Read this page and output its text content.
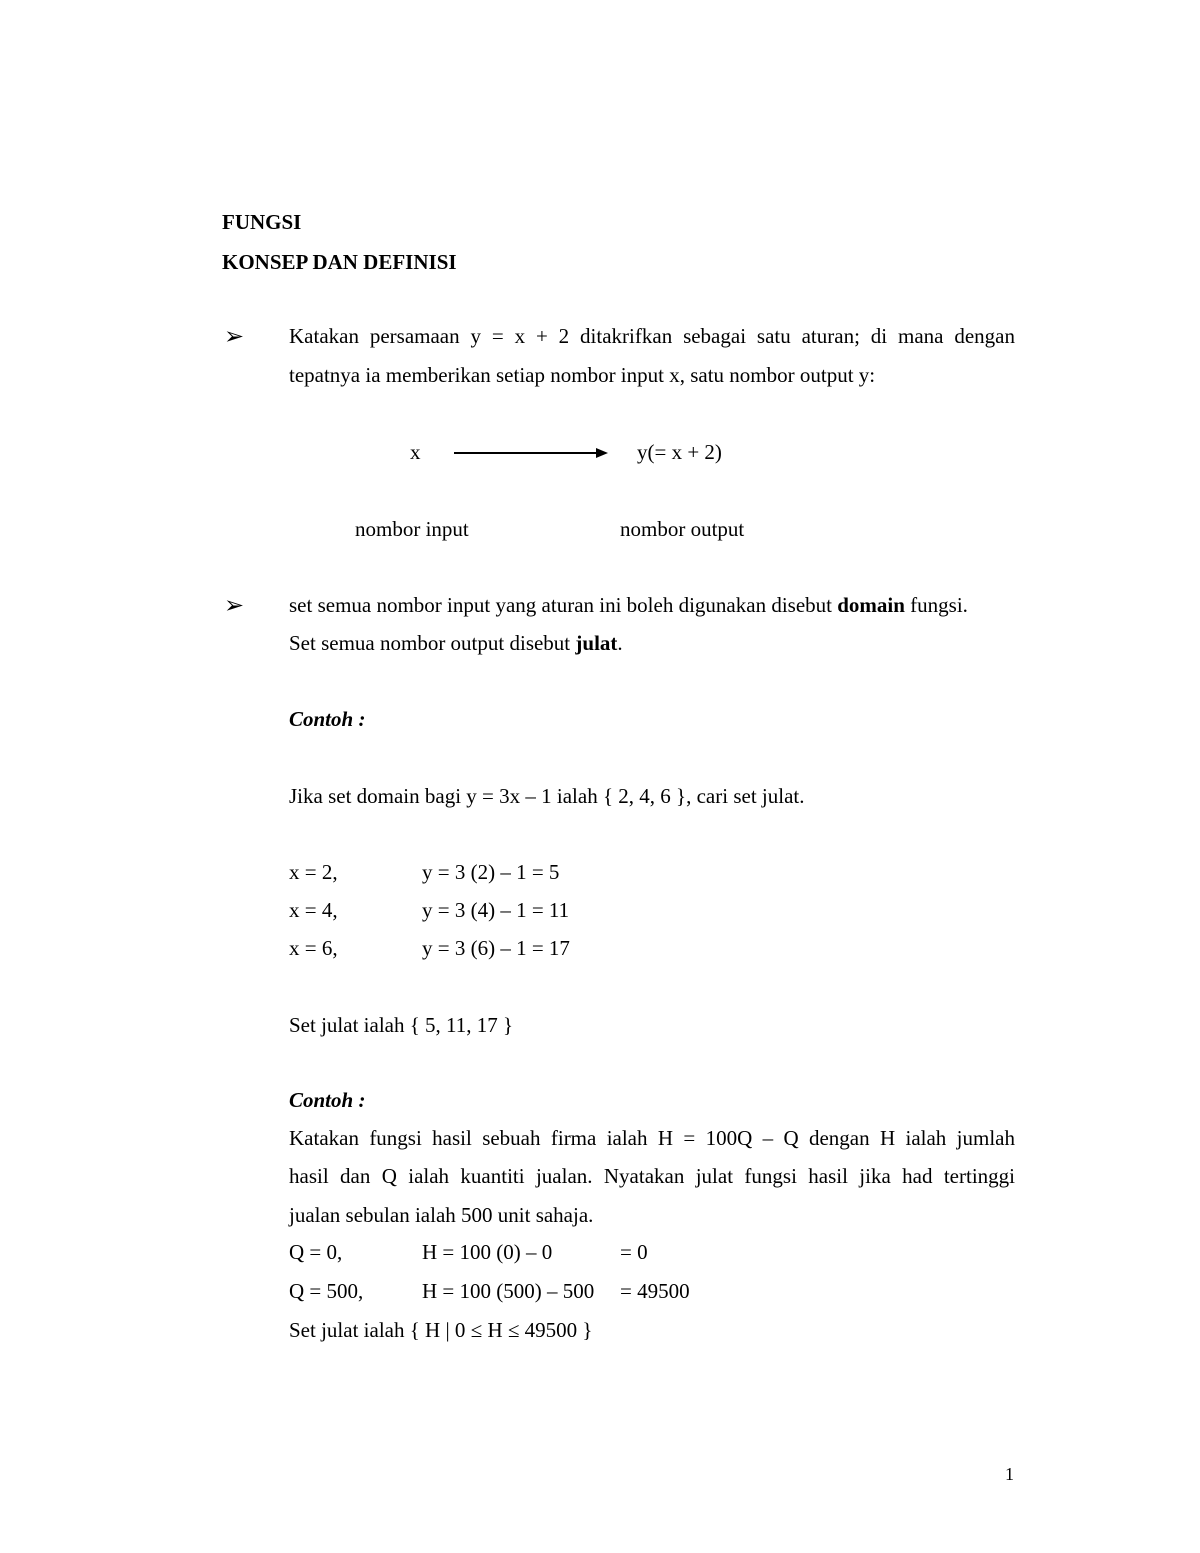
FUNGSI
KONSEP DAN DEFINISI
➢ Katakan persamaan y = x + 2 ditakrifkan sebagai satu aturan; di mana dengan
tepatnya ia memberikan setiap nombor input x, satu nombor output y:
x	y(= x + 2)
nombor input	nombor output
➢ set semua nombor input yang aturan ini boleh digunakan disebut domain fungsi.
Set semua nombor output disebut julat.
Contoh :
Jika set domain bagi y = 3x – 1 ialah { 2, 4, 6 }, cari set julat.
x = 2,	y = 3 (2) – 1 = 5
x = 4,	y = 3 (4) – 1 = 11
x = 6,	y = 3 (6) – 1 = 17
Set julat ialah { 5, 11, 17 }
Contoh :
Katakan fungsi hasil sebuah firma ialah H = 100Q – Q dengan H ialah jumlah
hasil dan Q ialah kuantiti jualan. Nyatakan julat fungsi hasil jika had tertinggi
jualan sebulan ialah 500 unit sahaja.
Q = 0,	H = 100 (0) – 0	= 0
Q = 500,	H = 100 (500) – 500 = 49500
Set julat ialah { H | 0 ≤ H ≤ 49500 }
1
